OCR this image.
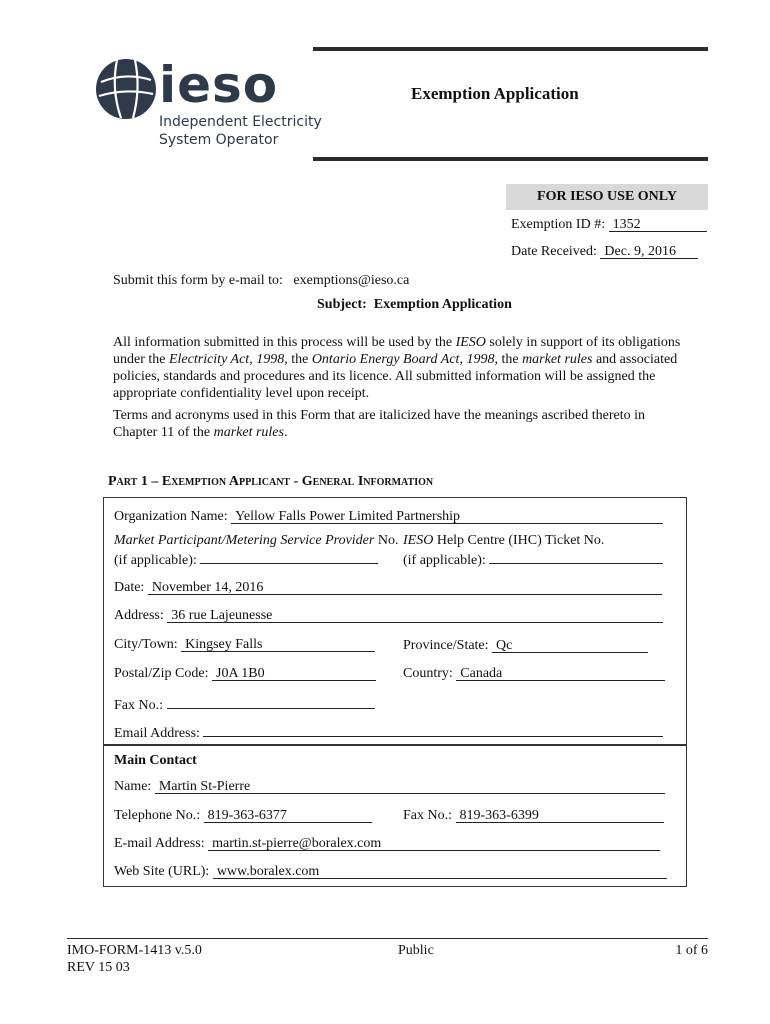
ieso
Independent Electricity
System Operator
Exemption Application
FOR IESO USE ONLY
Exemption ID #: 1352
Date Received: Dec. 9, 2016
Submit this form by e-mail to:   exemptions@ieso.ca
Subject:  Exemption Application
All information submitted in this process will be used by the IESO solely in support of its obligations under the Electricity Act, 1998, the Ontario Energy Board Act, 1998, the market rules and associated policies, standards and procedures and its licence. All submitted information will be assigned the appropriate confidentiality level upon receipt.
Terms and acronyms used in this Form that are italicized have the meanings ascribed thereto in Chapter 11 of the market rules.
Part 1 – Exemption Applicant - General Information
Organization Name: Yellow Falls Power Limited Partnership
Market Participant/Metering Service Provider No.
(if applicable):
IESO Help Centre (IHC) Ticket No.
(if applicable):
Date: November 14, 2016
Address: 36 rue Lajeunesse
City/Town: Kingsey Falls	Province/State: Qc
Postal/Zip Code: J0A 1B0	Country: Canada
Fax No.:
Email Address:
Main Contact
Name: Martin St-Pierre
Telephone No.: 819-363-6377	Fax No.: 819-363-6399
E-mail Address: martin.st-pierre@boralex.com
Web Site (URL): www.boralex.com
IMO-FORM-1413 v.5.0
REV 15 03
Public	1 of 6
